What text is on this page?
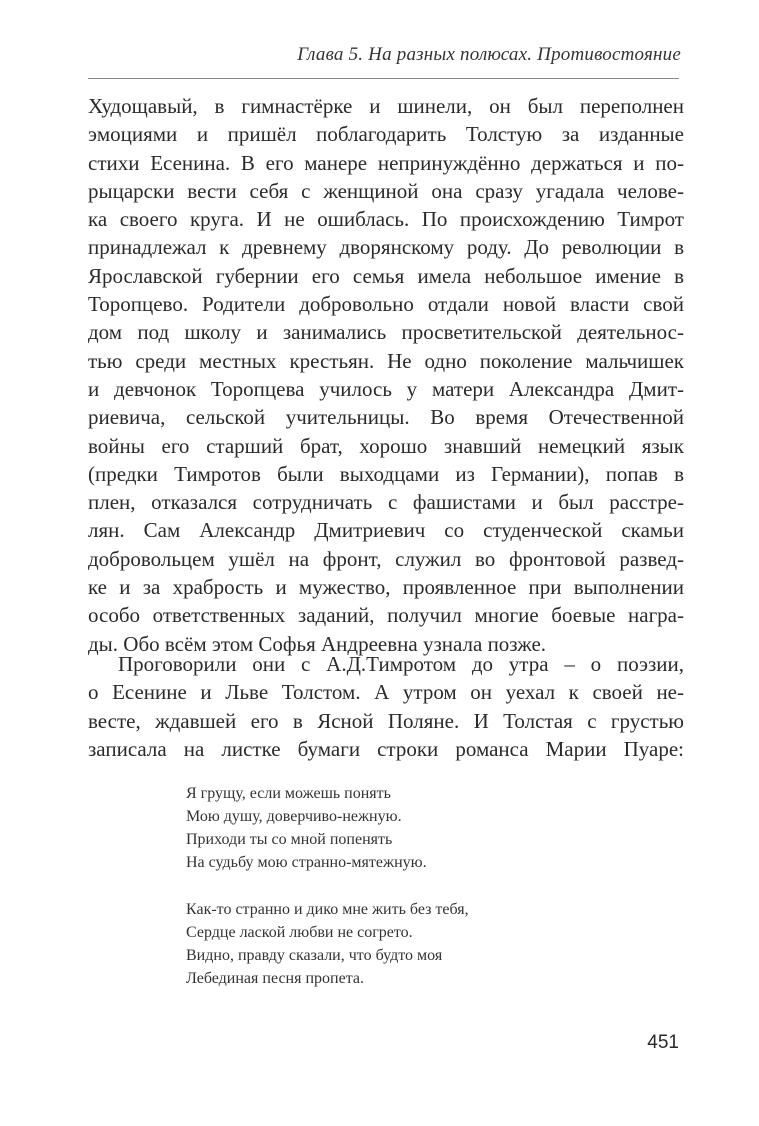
Глава 5. На разных полюсах. Противостояние
Худощавый, в гимнастёрке и шинели, он был переполнен
эмоциями и пришёл поблагодарить Толстую за изданные
стихи Есенина. В его манере непринуждённо держаться и по-
рыцарски вести себя с женщиной она сразу угадала челове-
ка своего круга. И не ошиблась. По происхождению Тимрот
принадлежал к древнему дворянскому роду. До революции в
Ярославской губернии его семья имела небольшое имение в
Торопцево. Родители добровольно отдали новой власти свой
дом под школу и занимались просветительской деятельнос-
тью среди местных крестьян. Не одно поколение мальчишек
и девчонок Торопцева училось у матери Александра Дмит-
риевича, сельской учительницы. Во время Отечественной
войны его старший брат, хорошо знавший немецкий язык
(предки Тимротов были выходцами из Германии), попав в
плен, отказался сотрудничать с фашистами и был расстре-
лян. Сам Александр Дмитриевич со студенческой скамьи
добровольцем ушёл на фронт, служил во фронтовой развед-
ке и за храбрость и мужество, проявленное при выполнении
особо ответственных заданий, получил многие боевые награ-
ды. Обо всём этом Софья Андреевна узнала позже.
Проговорили они с А.Д.Тимротом до утра – о поэзии,
о Есенине и Льве Толстом. А утром он уехал к своей не-
весте, ждавшей его в Ясной Поляне. И Толстая с грустью
записала на листке бумаги строки романса Марии Пуаре:
Я грущу, если можешь понять
Мою душу, доверчиво-нежную.
Приходи ты со мной попенять
На судьбу мою странно-мятежную.
Как-то странно и дико мне жить без тебя,
Сердце лаской любви не согрето.
Видно, правду сказали, что будто моя
Лебединая песня пропета.
451
